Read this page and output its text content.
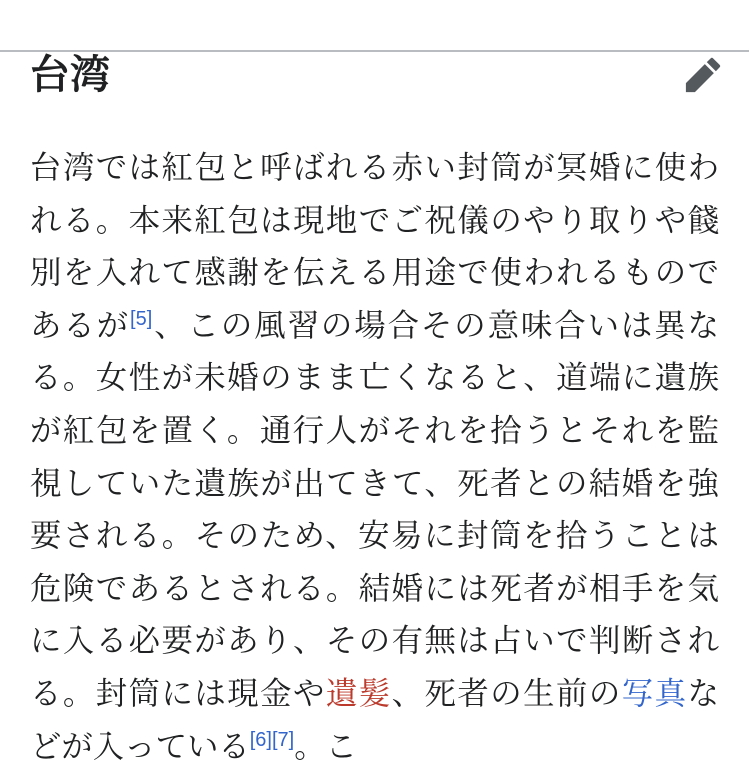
台湾

台湾では紅包と呼ばれる赤い封筒が冥婚に使われる。本来紅包は現地でご祝儀のやり取りや餞別を入れて感謝を伝える用途で使われるものであるが[5]、この風習の場合その意味合いは異なる。女性が未婚のまま亡くなると、道端に遺族が紅包を置く。通行人がそれを拾うとそれを監視していた遺族が出てきて、死者との結婚を強要される。そのため、安易に封筒を拾うことは危険であるとされる。結婚には死者が相手を気に入る必要があり、その有無は占いで判断される。封筒には現金や遺髪、死者の生前の写真などが入っている[6][7]。こ
